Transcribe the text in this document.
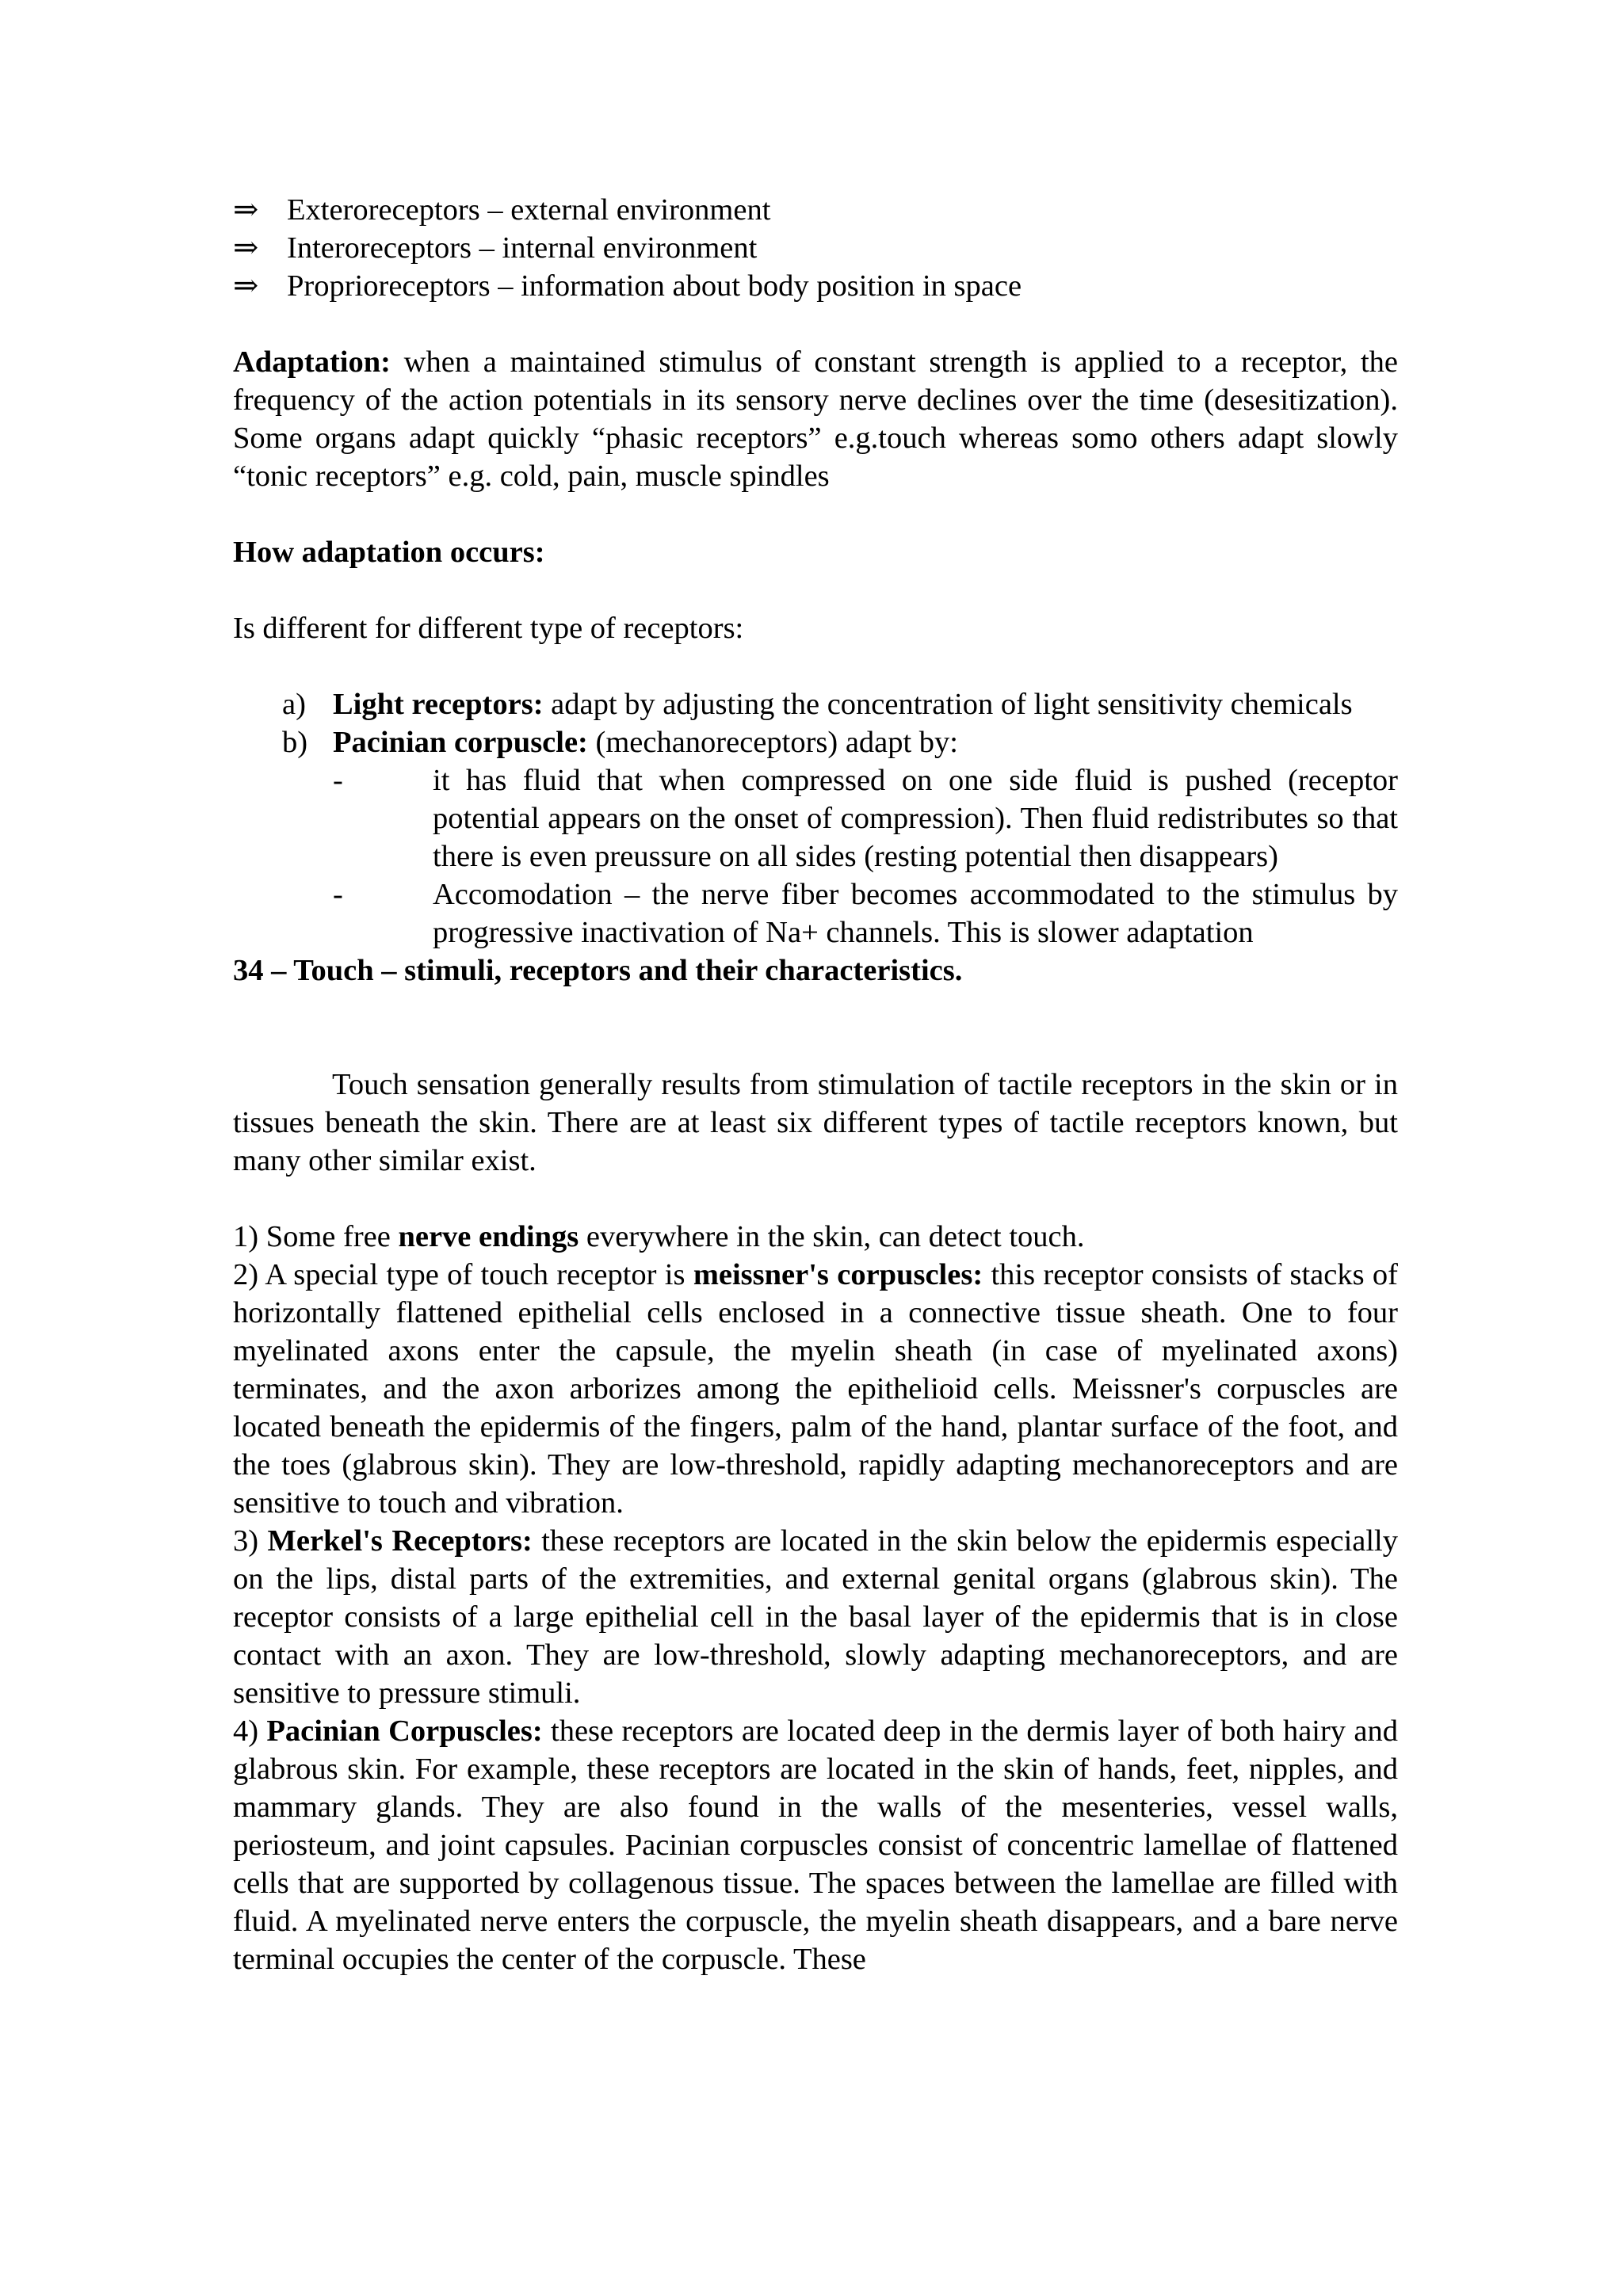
⇒ Exteroreceptors – external environment
⇒ Interoreceptors – internal environment
⇒ Proprioreceptors – information about body position in space

Adaptation: when a maintained stimulus of constant strength is applied to a receptor, the frequency of the action potentials in its sensory nerve declines over the time (desesitization). Some organs adapt quickly “phasic receptors” e.g.touch whereas somo others adapt slowly “tonic receptors” e.g. cold, pain, muscle spindles

How adaptation occurs:

Is different for different type of receptors:

a) Light receptors: adapt by adjusting the concentration of light sensitivity chemicals
b) Pacinian corpuscle: (mechanoreceptors) adapt by:
-	it has fluid that when compressed on one side fluid is pushed (receptor potential appears on the onset of compression). Then fluid redistributes so that there is even preussure on all sides (resting potential then disappears)
-	Accomodation – the nerve fiber becomes accommodated to the stimulus by progressive inactivation of Na+ channels. This is slower adaptation

34 – Touch – stimuli, receptors and their characteristics.

Touch sensation generally results from stimulation of tactile receptors in the skin or in tissues beneath the skin. There are at least six different types of tactile receptors known, but many other similar exist.

1) Some free nerve endings everywhere in the skin, can detect touch.

2) A special type of touch receptor is meissner's corpuscles: this receptor consists of stacks of horizontally flattened epithelial cells enclosed in a connective tissue sheath. One to four myelinated axons enter the capsule, the myelin sheath (in case of myelinated axons) terminates, and the axon arborizes among the epithelioid cells. Meissner's corpuscles are located beneath the epidermis of the fingers, palm of the hand, plantar surface of the foot, and the toes (glabrous skin). They are low-threshold, rapidly adapting mechanoreceptors and are sensitive to touch and vibration.

3) Merkel's Receptors: these receptors are located in the skin below the epidermis especially on the lips, distal parts of the extremities, and external genital organs (glabrous skin). The receptor consists of a large epithelial cell in the basal layer of the epidermis that is in close contact with an axon. They are low-threshold, slowly adapting mechanoreceptors, and are sensitive to pressure stimuli.

4) Pacinian Corpuscles: these receptors are located deep in the dermis layer of both hairy and glabrous skin. For example, these receptors are located in the skin of hands, feet, nipples, and mammary glands. They are also found in the walls of the mesenteries, vessel walls, periosteum, and joint capsules. Pacinian corpuscles consist of concentric lamellae of flattened cells that are supported by collagenous tissue. The spaces between the lamellae are filled with fluid. A myelinated nerve enters the corpuscle, the myelin sheath disappears, and a bare nerve terminal occupies the center of the corpuscle. These
